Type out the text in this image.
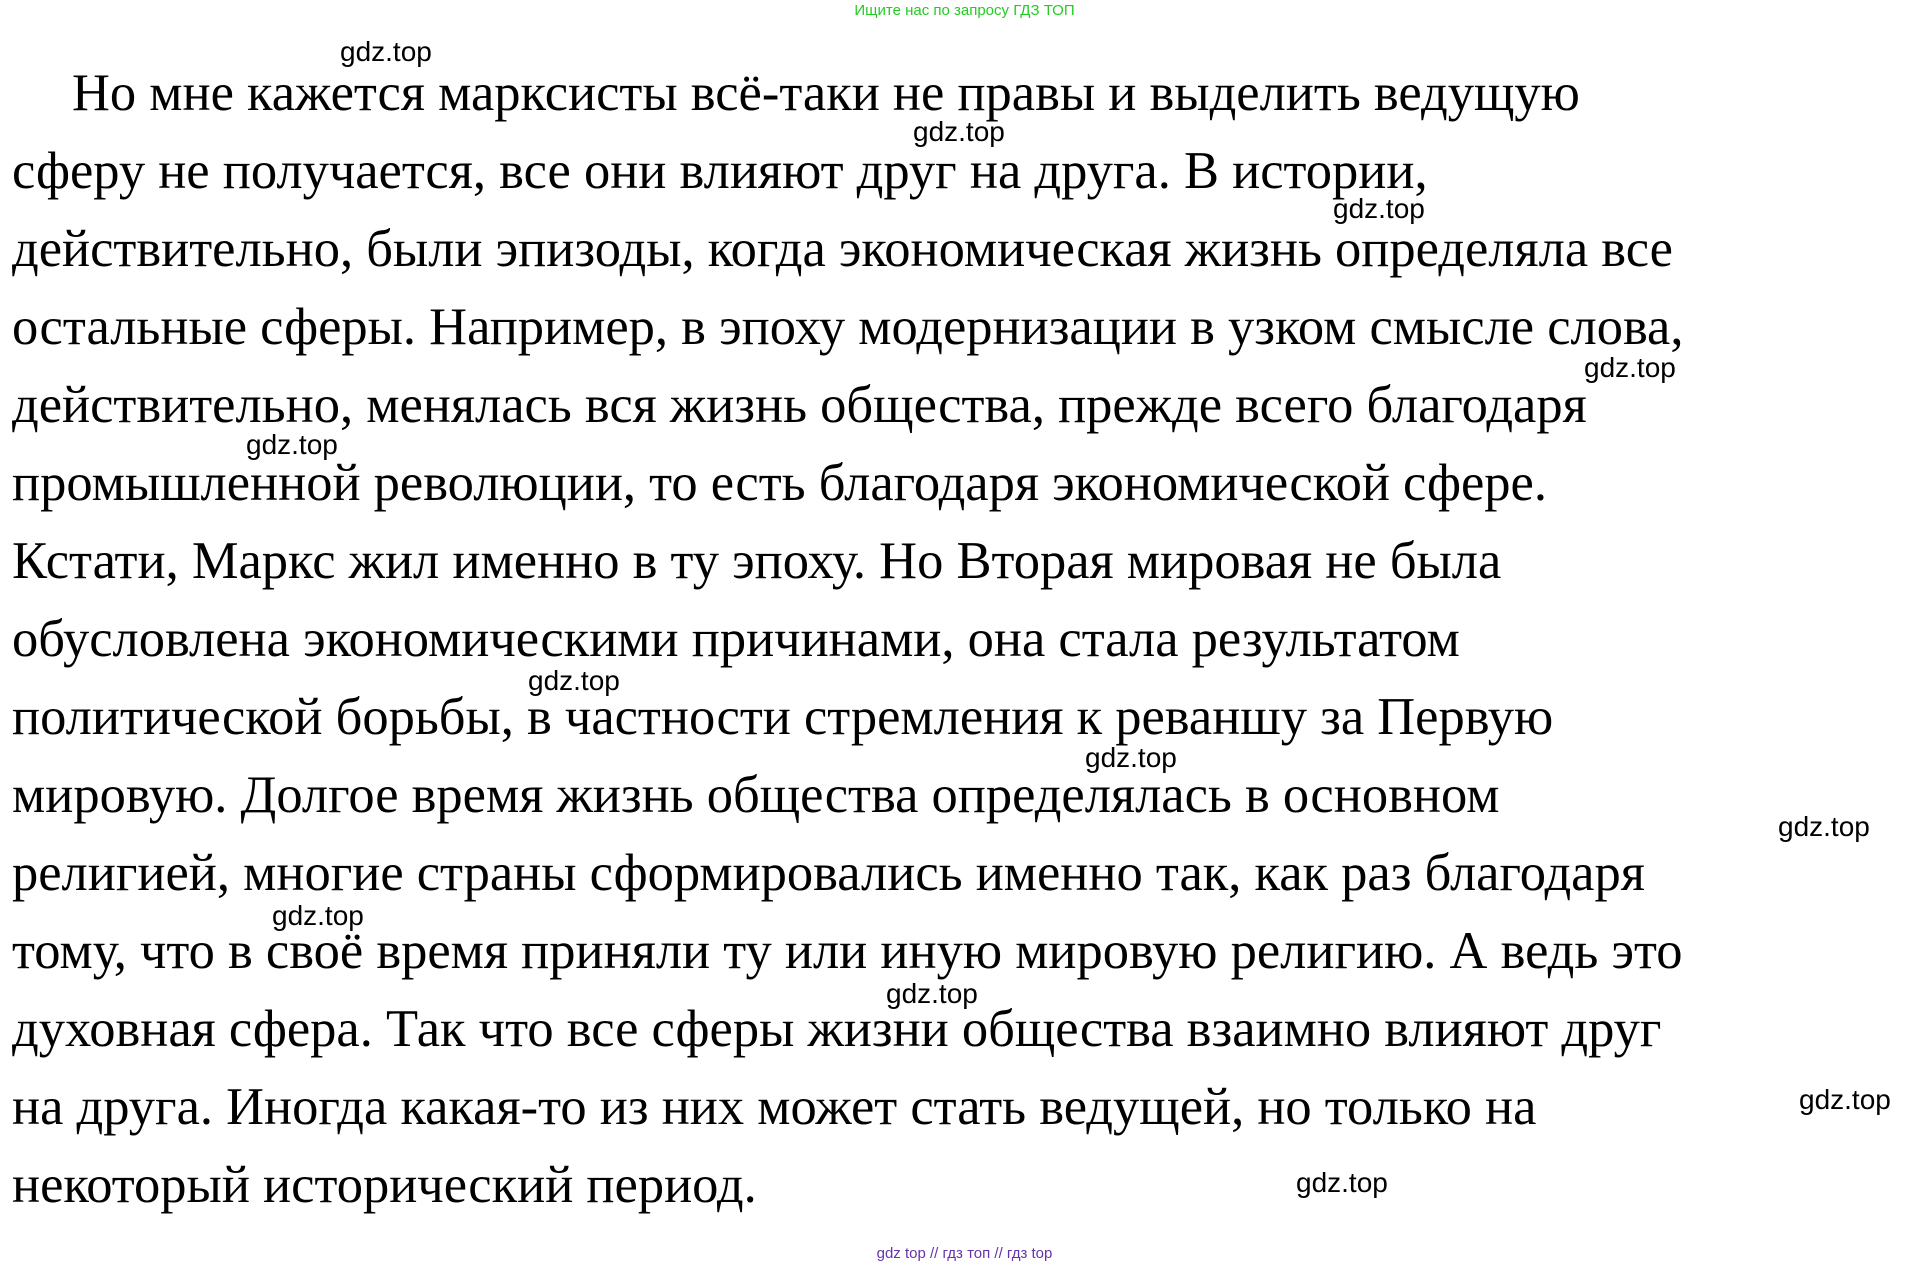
Ищите нас по запросу ГДЗ ТОП
Но мне кажется марксисты всё-таки не правы и выделить ведущую
сферу не получается, все они влияют друг на друга. В истории,
действительно, были эпизоды, когда экономическая жизнь определяла все
остальные сферы. Например, в эпоху модернизации в узком смысле слова,
действительно, менялась вся жизнь общества, прежде всего благодаря
промышленной революции, то есть благодаря экономической сфере.
Кстати, Маркс жил именно в ту эпоху. Но Вторая мировая не была
обусловлена экономическими причинами, она стала результатом
политической борьбы, в частности стремления к реваншу за Первую
мировую. Долгое время жизнь общества определялась в основном
религией, многие страны сформировались именно так, как раз благодаря
тому, что в своё время приняли ту или иную мировую религию. А ведь это
духовная сфера. Так что все сферы жизни общества взаимно влияют друг
на друга. Иногда какая-то из них может стать ведущей, но только на
некоторый исторический период.
gdz.top
gdz.top
gdz.top
gdz.top
gdz.top
gdz.top
gdz.top
gdz.top
gdz.top
gdz.top
gdz.top
gdz.top
gdz top // гдз топ // гдз top
